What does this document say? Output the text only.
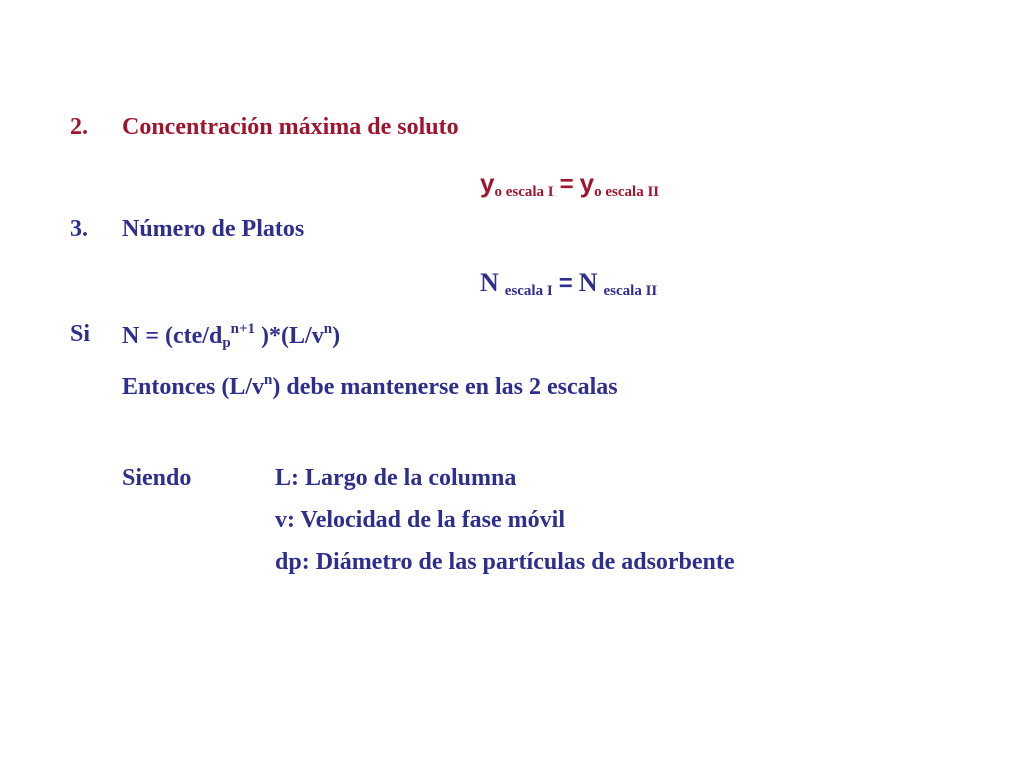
2. Concentración máxima de soluto
$y_{o escala I} = y_{o escala II}$
3. Número de Platos
N $_{escala I}$ = N $_{escala II}$
Si $N = (cte/d_p^{n+1}$ )$*(L/v^n)$
Entonces $(L/v^n)$ debe mantenerse en las 2 escalas
Siendo	L: Largo de la columna
v: Velocidad de la fase móvil
dp: Diámetro de las partículas de adsorbente
